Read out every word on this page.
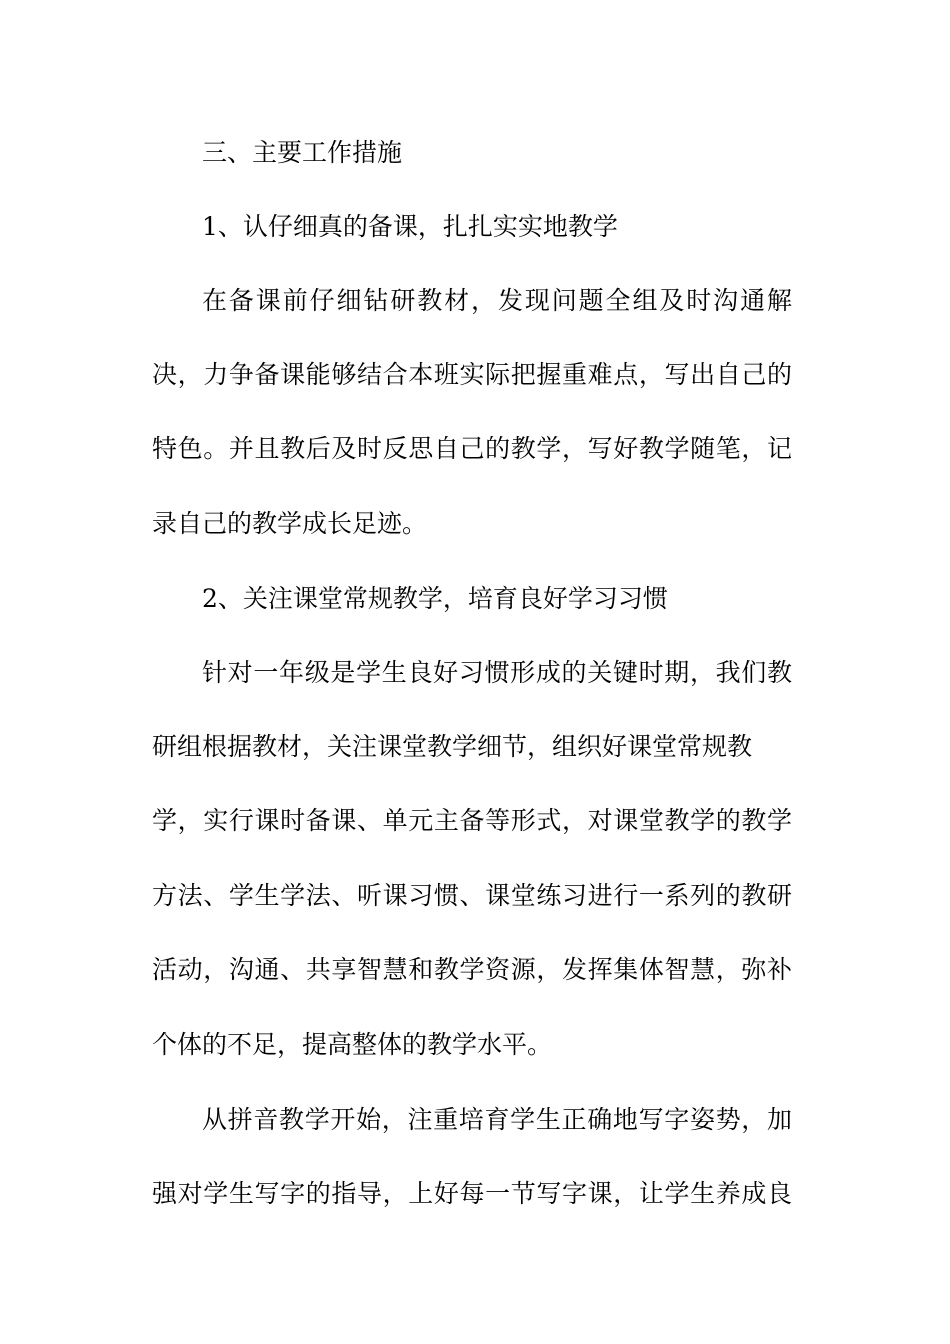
三、主要工作措施
1、认仔细真的备课，扎扎实实地教学
在备课前仔细钻研教材，发现问题全组及时沟通解
决，力争备课能够结合本班实际把握重难点，写出自己的
特色。并且教后及时反思自己的教学，写好教学随笔，记
录自己的教学成长足迹。
2、关注课堂常规教学，培育良好学习习惯
针对一年级是学生良好习惯形成的关键时期，我们教
研组根据教材，关注课堂教学细节，组织好课堂常规教
学，实行课时备课、单元主备等形式，对课堂教学的教学
方法、学生学法、听课习惯、课堂练习进行一系列的教研
活动，沟通、共享智慧和教学资源，发挥集体智慧，弥补
个体的不足，提高整体的教学水平。
从拼音教学开始，注重培育学生正确地写字姿势，加
强对学生写字的指导，上好每一节写字课，让学生养成良
